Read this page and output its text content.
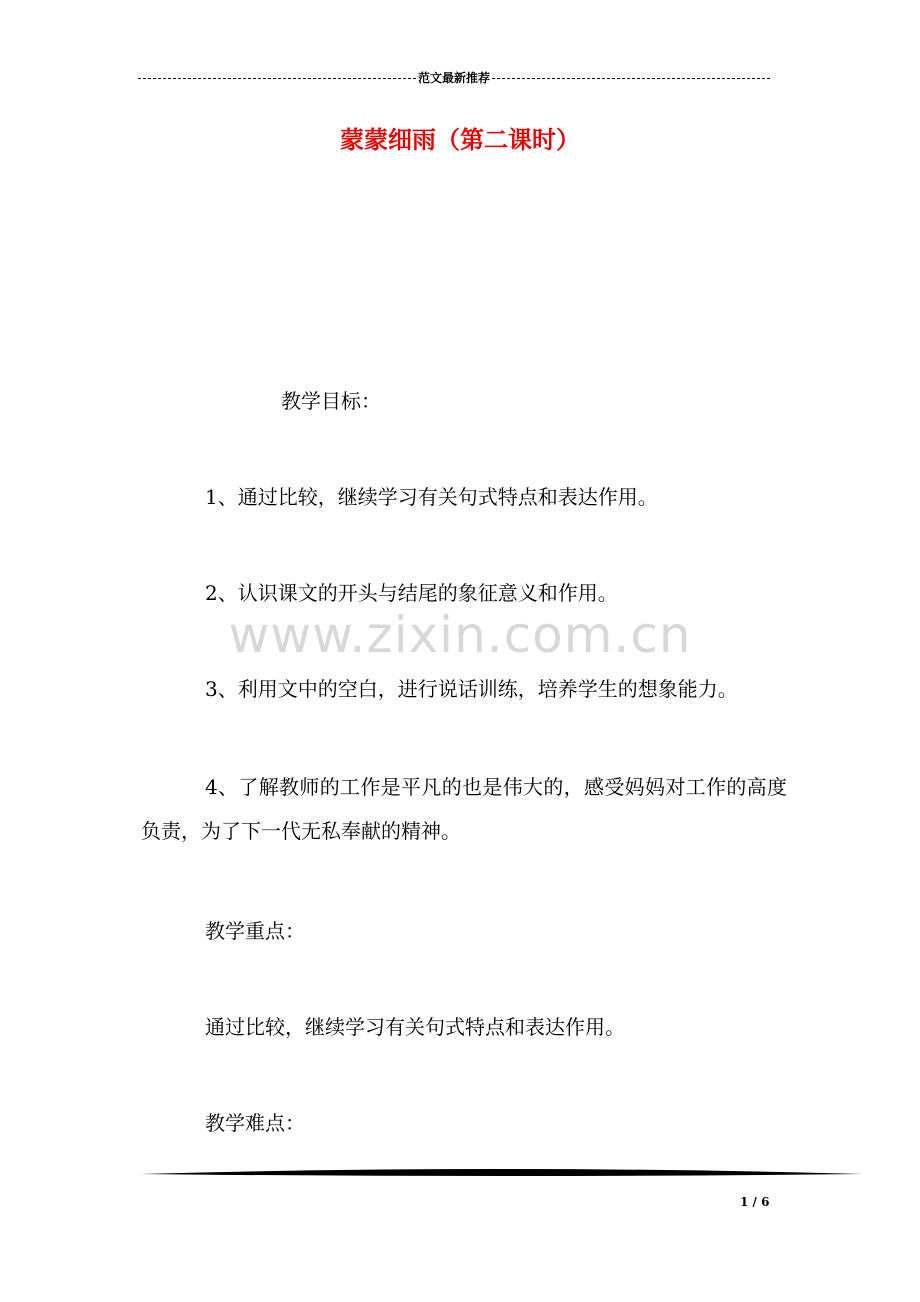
范文最新推荐
蒙蒙细雨（第二课时）
教学目标：
1、通过比较，继续学习有关句式特点和表达作用。
2、认识课文的开头与结尾的象征意义和作用。
www.zixin.com.cn
3、利用文中的空白，进行说话训练，培养学生的想象能力。
4、了解教师的工作是平凡的也是伟大的，感受妈妈对工作的高度负责，为了下一代无私奉献的精神。
教学重点：
通过比较，继续学习有关句式特点和表达作用。
教学难点：
1 / 6
